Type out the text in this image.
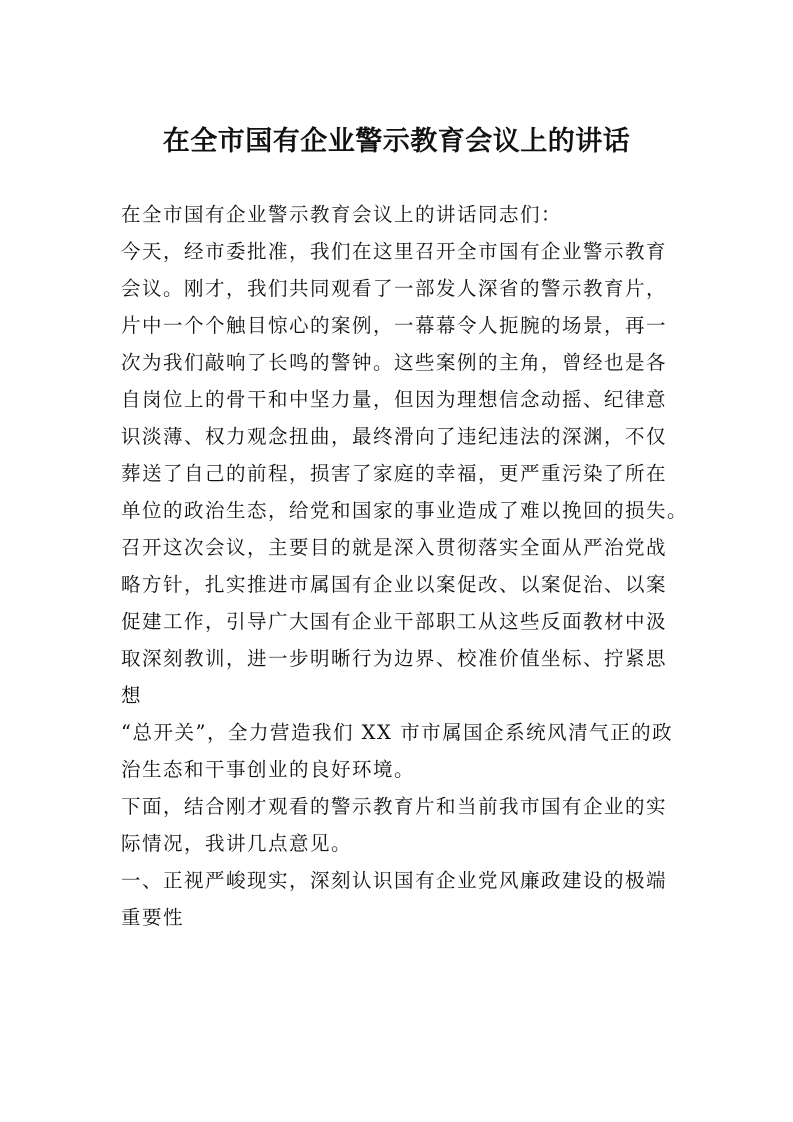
在全市国有企业警示教育会议上的讲话

在全市国有企业警示教育会议上的讲话同志们：

今天，经市委批准，我们在这里召开全市国有企业警示教育
会议。刚才，我们共同观看了一部发人深省的警示教育片，
片中一个个触目惊心的案例，一幕幕令人扼腕的场景，再一
次为我们敲响了长鸣的警钟。这些案例的主角，曾经也是各
自岗位上的骨干和中坚力量，但因为理想信念动摇、纪律意
识淡薄、权力观念扭曲，最终滑向了违纪违法的深渊，不仅
葬送了自己的前程，损害了家庭的幸福，更严重污染了所在
单位的政治生态，给党和国家的事业造成了难以挽回的损失。
召开这次会议，主要目的就是深入贯彻落实全面从严治党战
略方针，扎实推进市属国有企业以案促改、以案促治、以案
促建工作，引导广大国有企业干部职工从这些反面教材中汲
取深刻教训，进一步明晰行为边界、校准价值坐标、拧紧思
想

“总开关”，全力营造我们 XX 市市属国企系统风清气正的政
治生态和干事创业的良好环境。

下面，结合刚才观看的警示教育片和当前我市国有企业的实
际情况，我讲几点意见。

一、正视严峻现实，深刻认识国有企业党风廉政建设的极端
重要性
